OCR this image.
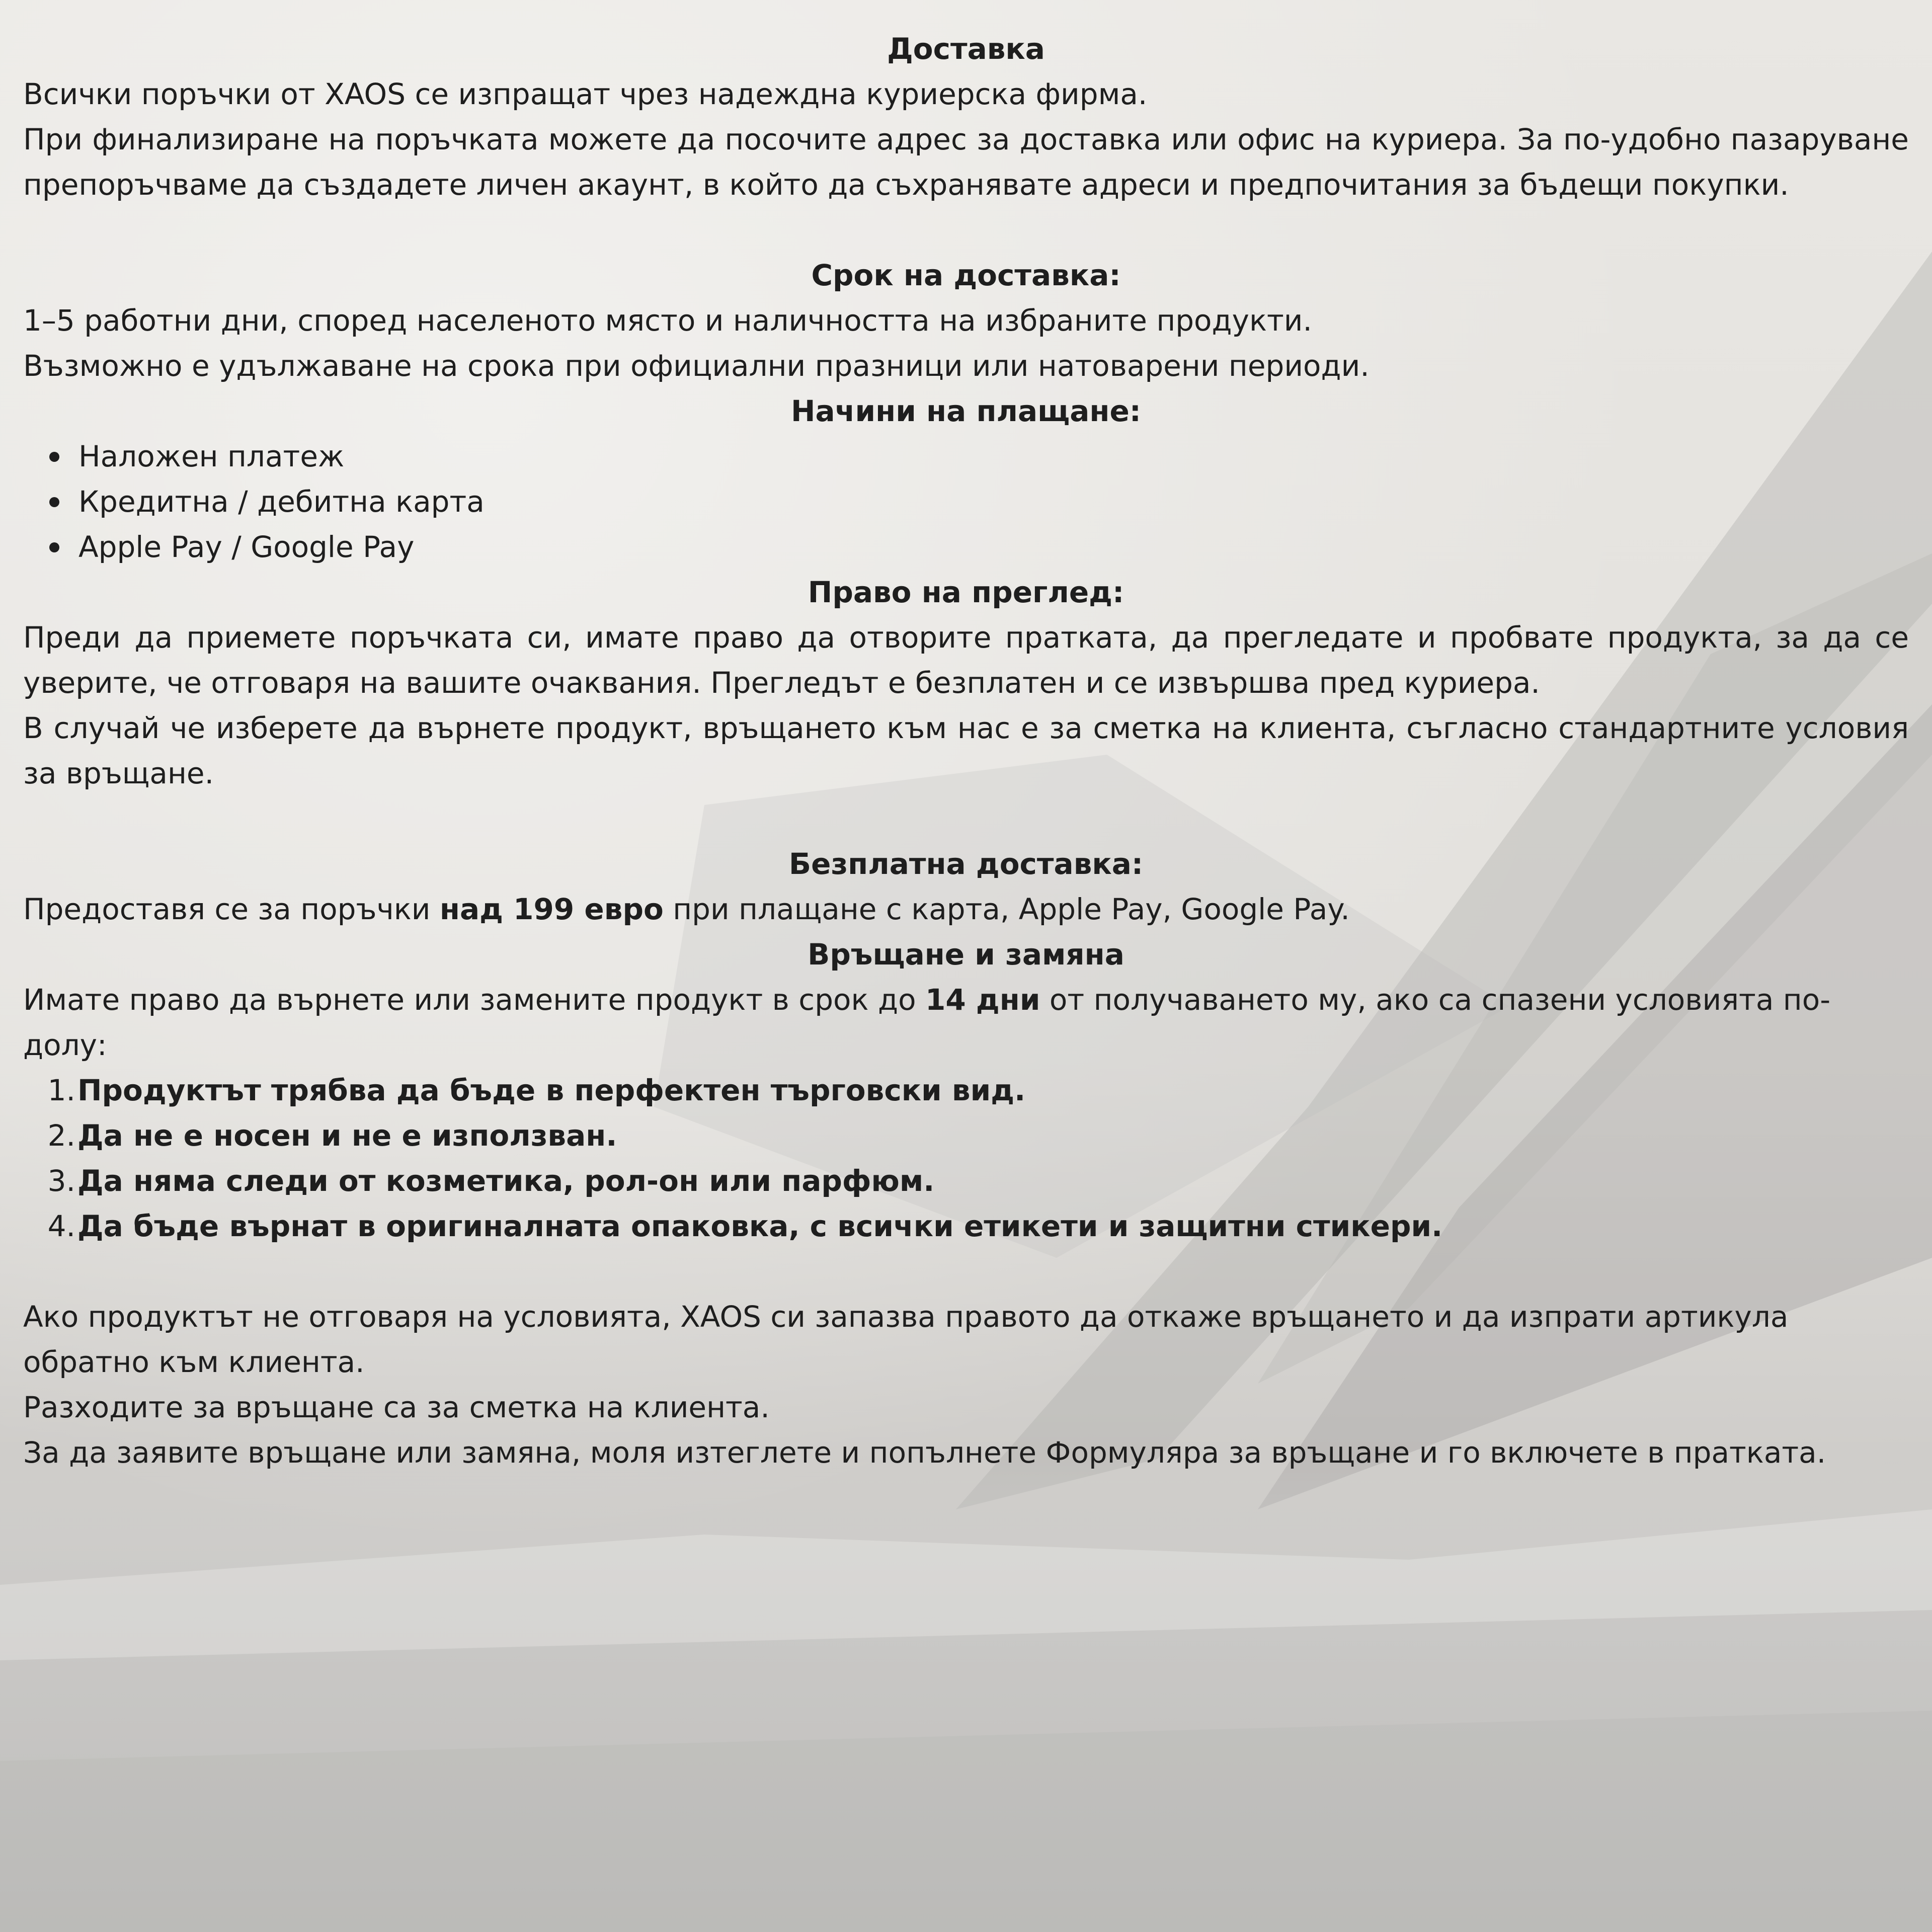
Доставка

Всички поръчки от XAOS се изпращат чрез надеждна куриерска фирма.

При финализиране на поръчката можете да посочите адрес за доставка или офис на куриера. За по-удобно пазаруване препоръчваме да създадете личен акаунт, в който да съхранявате адреси и предпочитания за бъдещи покупки.

Срок на доставка:

1–5 работни дни, според населеното място и наличността на избраните продукти.

Възможно е удължаване на срока при официални празници или натоварени периоди.

Начини на плащане:

Наложен платеж
Кредитна / дебитна карта
Apple Pay / Google Pay

Право на преглед:

Преди да приемете поръчката си, имате право да отворите пратката, да прегледате и пробвате продукта, за да се уверите, че отговаря на вашите очаквания. Прегледът е безплатен и се извършва пред куриера.

В случай че изберете да върнете продукт, връщането към нас е за сметка на клиента, съгласно стандартните условия за връщане.

Безплатна доставка:

Предоставя се за поръчки над 199 евро при плащане с карта, Apple Pay, Google Pay.

Връщане и замяна

Имате право да върнете или замените продукт в срок до 14 дни от получаването му, ако са спазени условията по-долу:

1. Продуктът трябва да бъде в перфектен търговски вид.
2. Да не е носен и не е използван.
3. Да няма следи от козметика, рол-он или парфюм.
4. Да бъде върнат в оригиналната опаковка, с всички етикети и защитни стикери.

Ако продуктът не отговаря на условията, XAOS си запазва правото да откаже връщането и да изпрати артикула обратно към клиента.

Разходите за връщане са за сметка на клиента.

За да заявите връщане или замяна, моля изтеглете и попълнете Формуляра за връщане и го включете в пратката.
